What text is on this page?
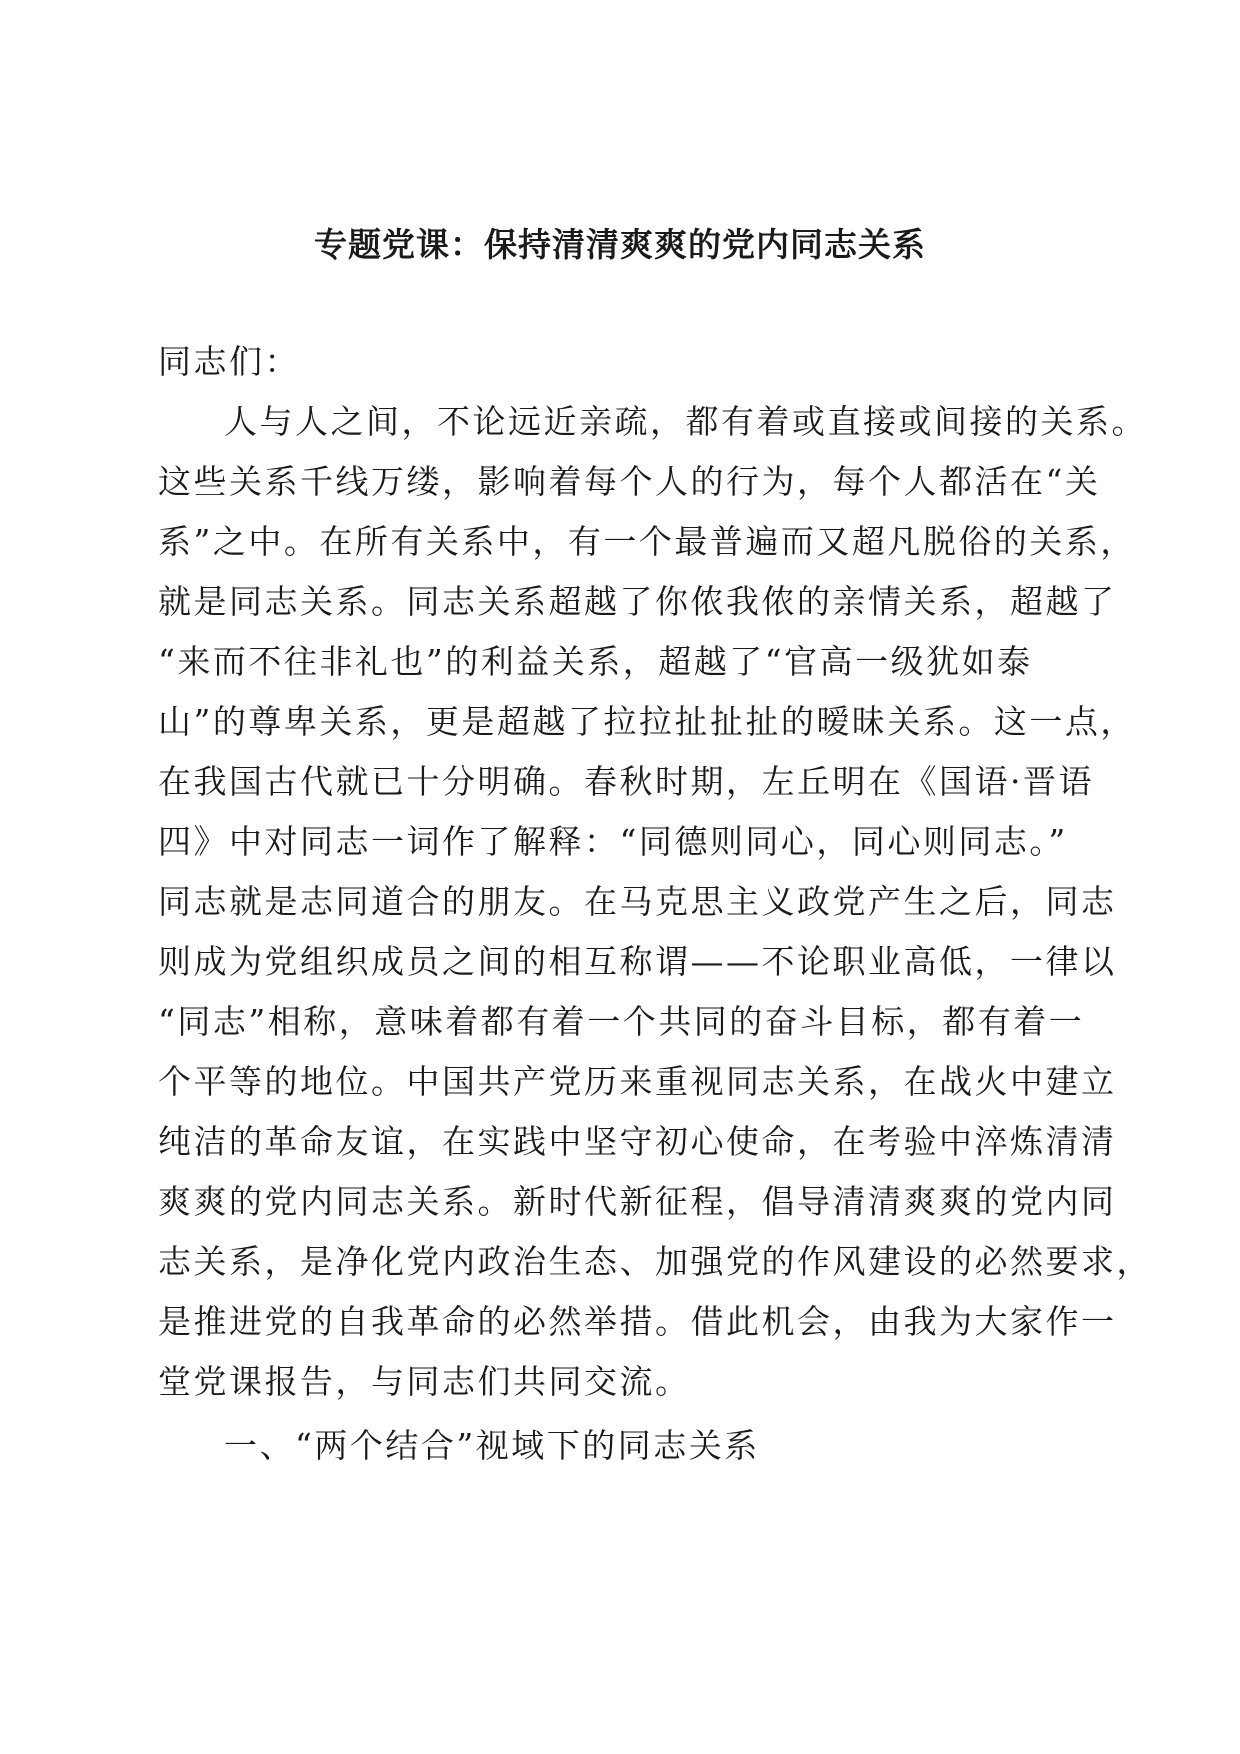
专题党课：保持清清爽爽的党内同志关系
同志们：
人与人之间，不论远近亲疏，都有着或直接或间接的关系。
这些关系千线万缕，影响着每个人的行为，每个人都活在“关
系”之中。在所有关系中，有一个最普遍而又超凡脱俗的关系，
就是同志关系。同志关系超越了你侬我侬的亲情关系，超越了
“来而不往非礼也”的利益关系，超越了“官高一级犹如泰
山”的尊卑关系，更是超越了拉拉扯扯扯的暧昧关系。这一点，
在我国古代就已十分明确。春秋时期，左丘明在《国语·晋语
四》中对同志一词作了解释：“同德则同心，同心则同志。”
同志就是志同道合的朋友。在马克思主义政党产生之后，同志
则成为党组织成员之间的相互称谓——不论职业高低，一律以
“同志”相称，意味着都有着一个共同的奋斗目标，都有着一
个平等的地位。中国共产党历来重视同志关系，在战火中建立
纯洁的革命友谊，在实践中坚守初心使命，在考验中淬炼清清
爽爽的党内同志关系。新时代新征程，倡导清清爽爽的党内同
志关系，是净化党内政治生态、加强党的作风建设的必然要求，
是推进党的自我革命的必然举措。借此机会，由我为大家作一
堂党课报告，与同志们共同交流。
一、“两个结合”视域下的同志关系
